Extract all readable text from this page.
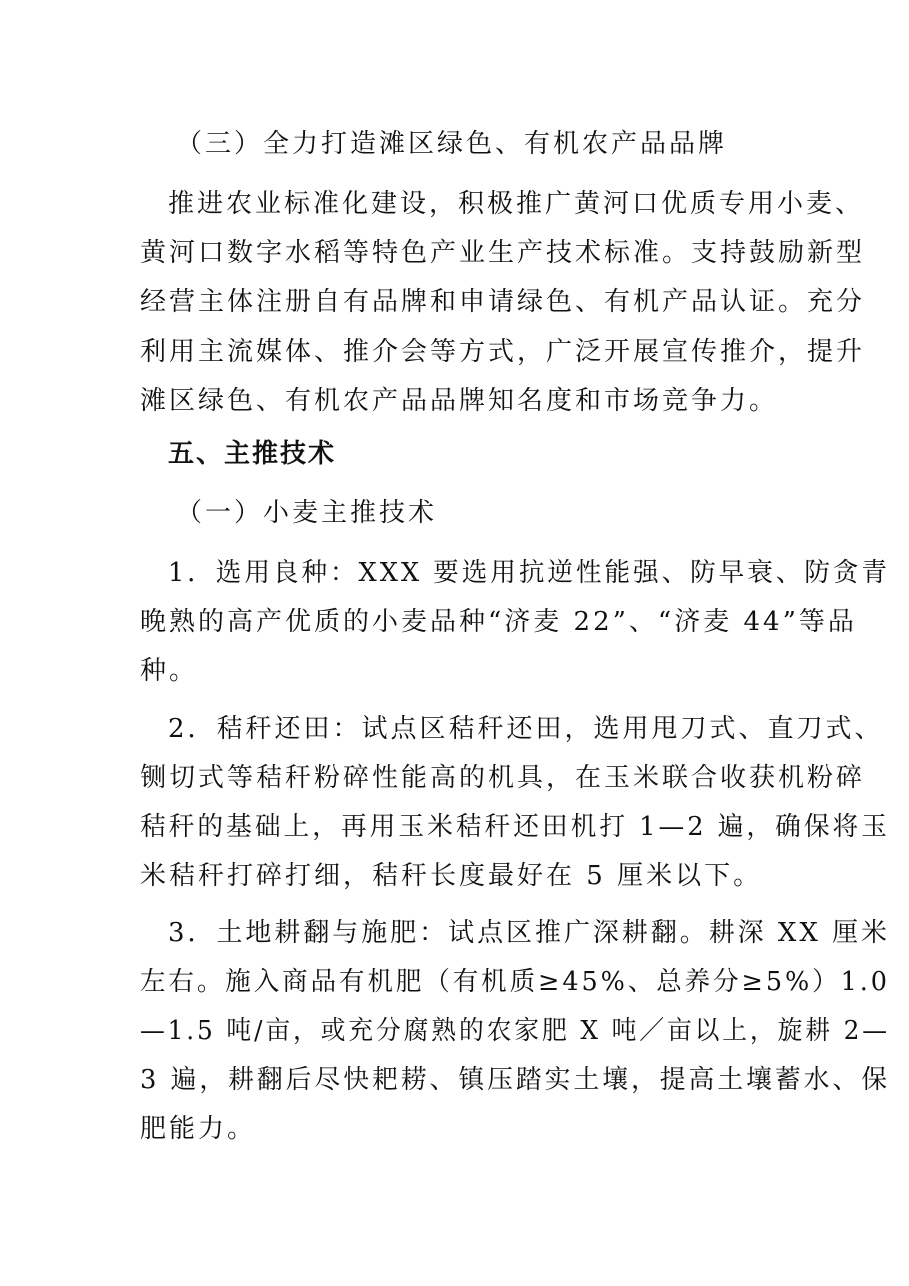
（三）全力打造滩区绿色、有机农产品品牌
推进农业标准化建设，积极推广黄河口优质专用小麦、
黄河口数字水稻等特色产业生产技术标准。支持鼓励新型
经营主体注册自有品牌和申请绿色、有机产品认证。充分
利用主流媒体、推介会等方式，广泛开展宣传推介，提升
滩区绿色、有机农产品品牌知名度和市场竞争力。
五、主推技术
（一）小麦主推技术
1．选用良种：XXX 要选用抗逆性能强、防早衰、防贪青
晚熟的高产优质的小麦品种“济麦 22”、“济麦 44”等品
种。
2．秸秆还田：试点区秸秆还田，选用甩刀式、直刀式、
铡切式等秸秆粉碎性能高的机具，在玉米联合收获机粉碎
秸秆的基础上，再用玉米秸秆还田机打 1—2 遍，确保将玉
米秸秆打碎打细，秸秆长度最好在 5 厘米以下。
3．土地耕翻与施肥：试点区推广深耕翻。耕深 XX 厘米
左右。施入商品有机肥（有机质≥45%、总养分≥5%）1.0
—1.5 吨/亩，或充分腐熟的农家肥 X 吨／亩以上，旋耕 2—
3 遍，耕翻后尽快耙耢、镇压踏实土壤，提高土壤蓄水、保
肥能力。
